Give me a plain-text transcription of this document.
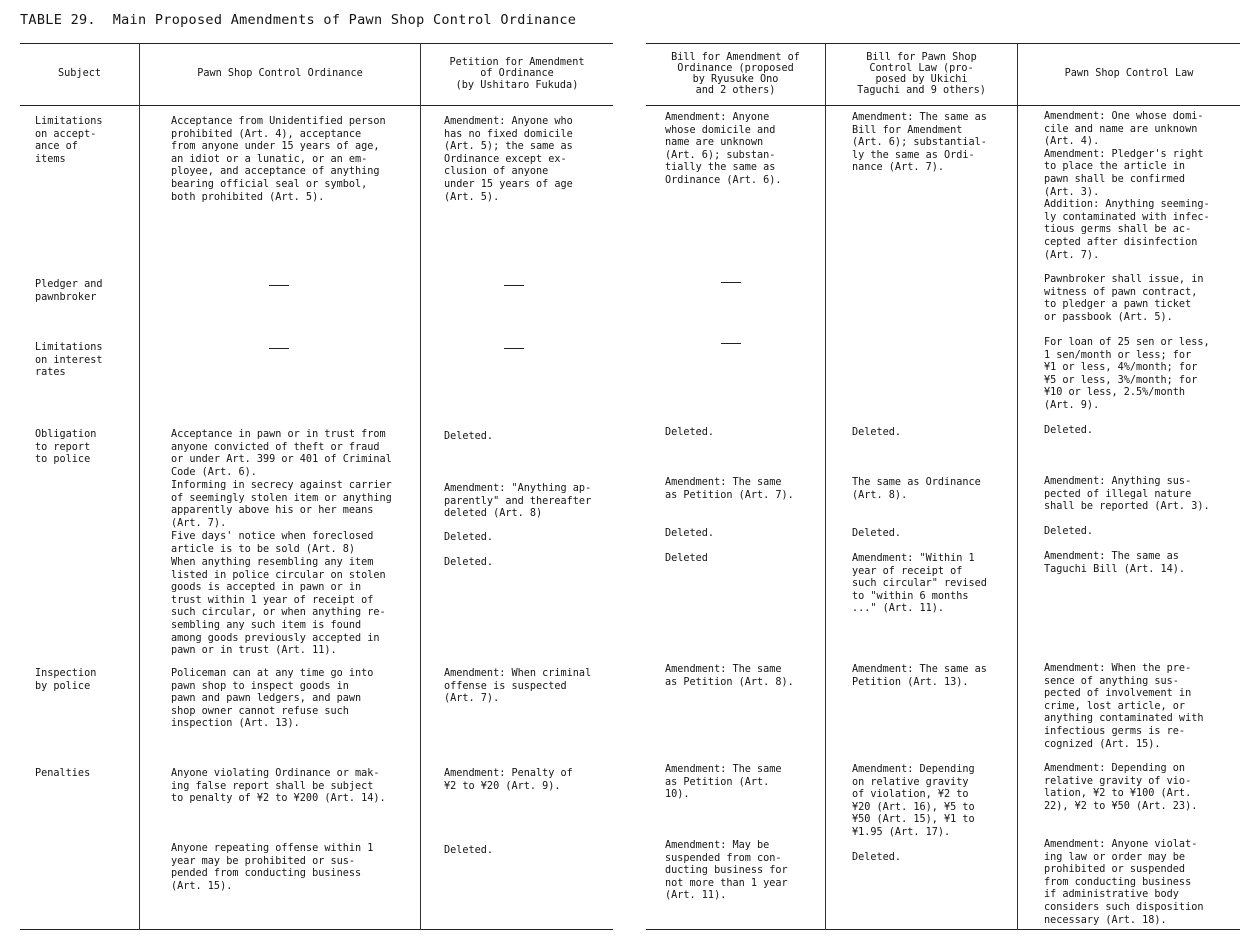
TABLE 29.  Main Proposed Amendments of Pawn Shop Control Ordinance
Subject	Pawn Shop Control Ordinance
Petition for Amendment
of Ordinance
(by Ushitaro Fukuda)

Limitations
on accept-
ance of
items

Pledger and
pawnbroker

Limitations
on interest
rates

Obligation
to report
to police

Inspection
by police

Penalties

Acceptance from Unidentified person
prohibited (Art. 4), acceptance
from anyone under 15 years of age,
an idiot or a lunatic, or an em-
ployee, and acceptance of anything
bearing official seal or symbol,
both prohibited (Art. 5).

Acceptance in pawn or in trust from
anyone convicted of theft or fraud
or under Art. 399 or 401 of Criminal
Code (Art. 6).

Informing in secrecy against carrier
of seemingly stolen item or anything
apparently above his or her means
(Art. 7).

Five days' notice when foreclosed
article is to be sold (Art. 8)

When anything resembling any item
listed in police circular on stolen
goods is accepted in pawn or in
trust within 1 year of receipt of
such circular, or when anything re-
sembling any such item is found
among goods previously accepted in
pawn or in trust (Art. 11).

Policeman can at any time go into
pawn shop to inspect goods in
pawn and pawn ledgers, and pawn
shop owner cannot refuse such
inspection (Art. 13).

Anyone violating Ordinance or mak-
ing false report shall be subject
to penalty of ¥2 to ¥200 (Art. 14).

Anyone repeating offense within 1
year may be prohibited or sus-
pended from conducting business
(Art. 15).

Amendment: Anyone who
has no fixed domicile
(Art. 5); the same as
Ordinance except ex-
clusion of anyone
under 15 years of age
(Art. 5).

Deleted.

Amendment: "Anything ap-
parently" and thereafter
deleted (Art. 8)

Deleted.

Deleted.

Amendment: When criminal
offense is suspected
(Art. 7).

Amendment: Penalty of
¥2 to ¥20 (Art. 9).

Deleted.

Bill for Amendment of
Ordinance (proposed
by Ryusuke Ono
and 2 others)
Bill for Pawn Shop
Control Law (pro-
posed by Ukichi
Taguchi and 9 others)
Pawn Shop Control Law

Amendment: Anyone
whose domicile and
name are unknown
(Art. 6); substan-
tially the same as
Ordinance (Art. 6).

Deleted.

Amendment: The same
as Petition (Art. 7).

Deleted.

Deleted

Amendment: The same
as Petition (Art. 8).

Amendment: The same
as Petition (Art.
10).

Amendment: May be
suspended from con-
ducting business for
not more than 1 year
(Art. 11).

Amendment: The same as
Bill for Amendment
(Art. 6); substantial-
ly the same as Ordi-
nance (Art. 7).

Deleted.

The same as Ordinance
(Art. 8).

Deleted.

Amendment: "Within 1
year of receipt of
such circular" revised
to "within 6 months
..." (Art. 11).

Amendment: The same as
Petition (Art. 13).

Amendment: Depending
on relative gravity
of violation, ¥2 to
¥20 (Art. 16), ¥5 to
¥50 (Art. 15), ¥1 to
¥1.95 (Art. 17).

Deleted.

Amendment: One whose domi-
cile and name are unknown
(Art. 4).
Amendment: Pledger's right
to place the article in
pawn shall be confirmed
(Art. 3).
Addition: Anything seeming-
ly contaminated with infec-
tious germs shall be ac-
cepted after disinfection
(Art. 7).

Pawnbroker shall issue, in
witness of pawn contract,
to pledger a pawn ticket
or passbook (Art. 5).

For loan of 25 sen or less,
1 sen/month or less; for
¥1 or less, 4%/month; for
¥5 or less, 3%/month; for
¥10 or less, 2.5%/month
(Art. 9).

Deleted.

Amendment: Anything sus-
pected of illegal nature
shall be reported (Art. 3).

Deleted.

Amendment: The same as
Taguchi Bill (Art. 14).

Amendment: When the pre-
sence of anything sus-
pected of involvement in
crime, lost article, or
anything contaminated with
infectious germs is re-
cognized (Art. 15).

Amendment: Depending on
relative gravity of vio-
lation, ¥2 to ¥100 (Art.
22), ¥2 to ¥50 (Art. 23).

Amendment: Anyone violat-
ing law or order may be
prohibited or suspended
from conducting business
if administrative body
considers such disposition
necessary (Art. 18).
